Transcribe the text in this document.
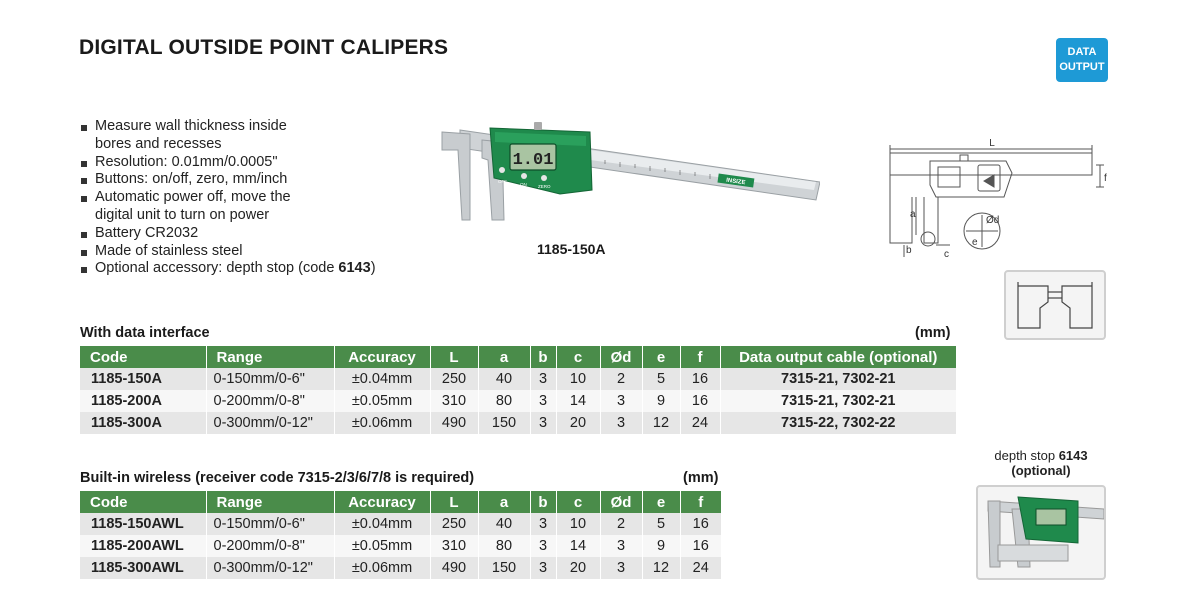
DIGITAL OUTSIDE POINT CALIPERS	DATA
OUTPUT
Measure wall thickness inside
bores and recesses
Resolution: 0.01mm/0.0005"
Buttons: on/off, zero, mm/inch
Automatic power off, move the
digital unit to turn on power
Battery CR2032
Made of stainless steel
Optional accessory: depth stop (code 6143)
INSIZE
1.01
OFF
ON	ZERO
1185-150A
L
f
a
b	c
Ød
e
depth stop 6143
(optional)
With data interface	(mm)
Code	Range	Accuracy	L	a	b	c	Ød	e	f	Data output cable (optional)
1185-150A	0-150mm/0-6"	±0.04mm	250	40	3	10	2	5	16	7315-21, 7302-21
1185-200A	0-200mm/0-8"	±0.05mm	310	80	3	14	3	9	16	7315-21, 7302-21
1185-300A	0-300mm/0-12"	±0.06mm	490	150	3	20	3	12	24	7315-22, 7302-22
Built-in wireless (receiver code 7315-2/3/6/7/8 is required)	(mm)
Code	Range	Accuracy	L	a	b	c	Ød	e	f
1185-150AWL	0-150mm/0-6"	±0.04mm	250	40	3	10	2	5	16
1185-200AWL	0-200mm/0-8"	±0.05mm	310	80	3	14	3	9	16
1185-300AWL	0-300mm/0-12"	±0.06mm	490	150	3	20	3	12	24
